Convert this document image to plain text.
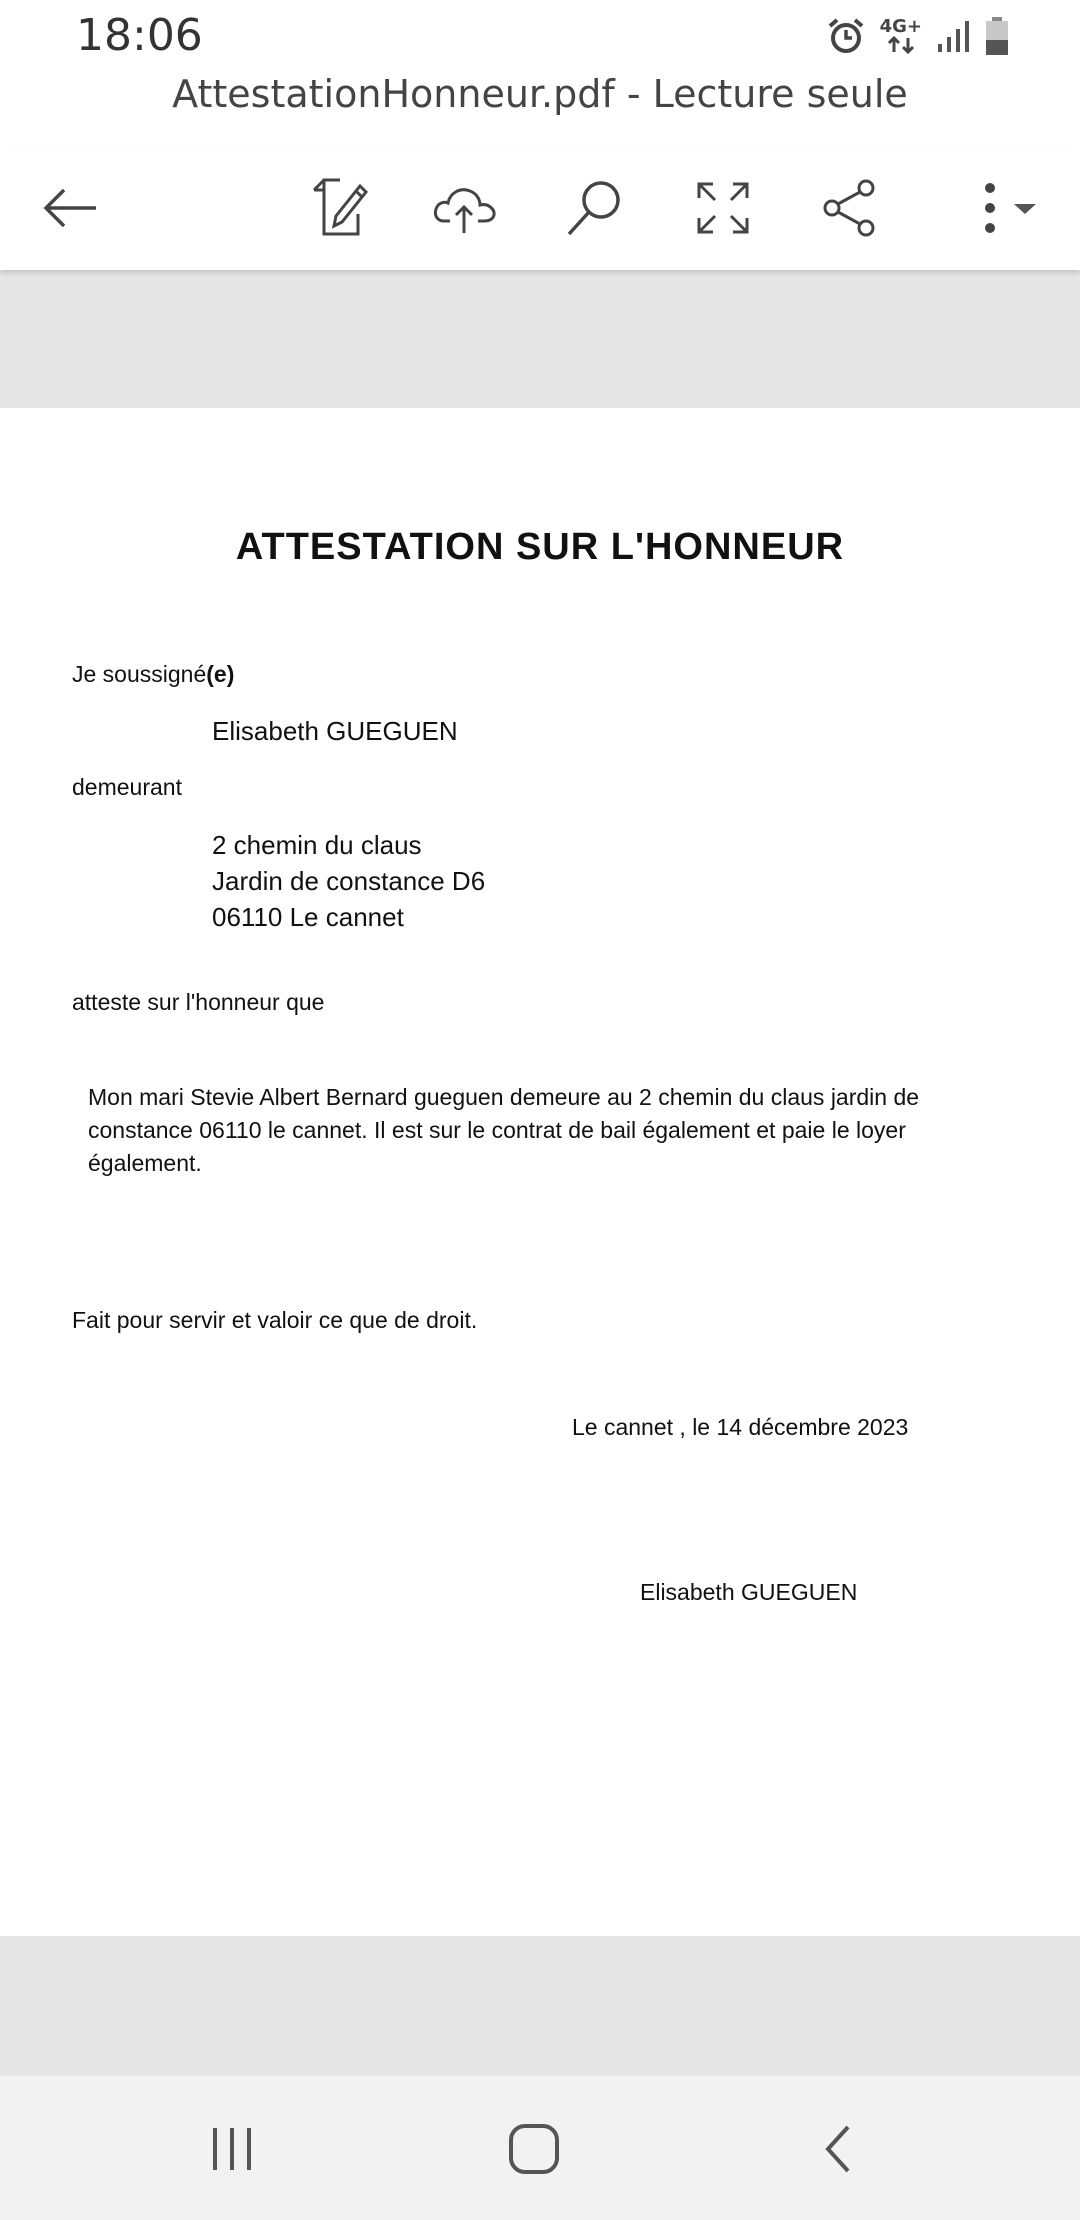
18:06	4G+
AttestationHonneur.pdf - Lecture seule
ATTESTATION SUR L'HONNEUR
Je soussigné(e)
Elisabeth GUEGUEN
demeurant
2 chemin du claus
Jardin de constance D6
06110 Le cannet
atteste sur l'honneur que
Mon mari Stevie Albert Bernard gueguen demeure au 2 chemin du claus jardin de constance 06110 le cannet. Il est sur le contrat de bail également et paie le loyer également.
Fait pour servir et valoir ce que de droit.
Le cannet , le 14 décembre 2023
Elisabeth GUEGUEN
